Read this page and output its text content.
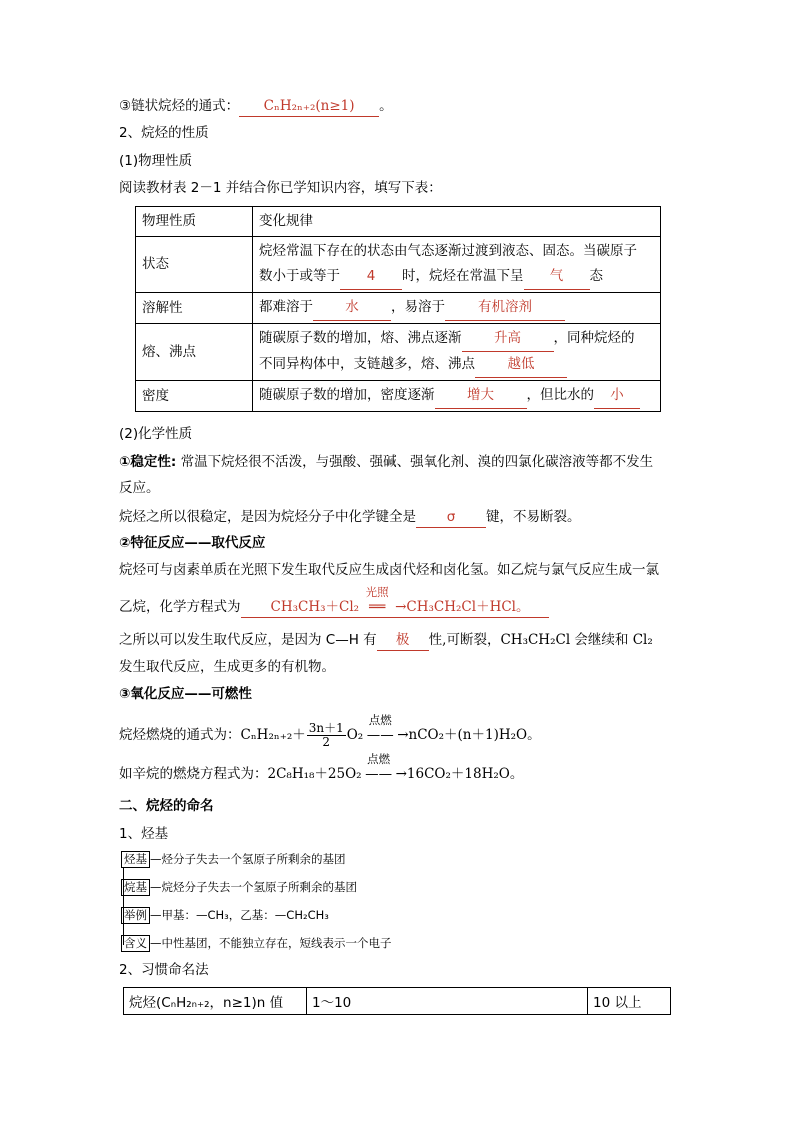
③链状烷烃的通式： CₙH₂ₙ₊₂(n≥1) 。
2、烷烃的性质
(1)物理性质
阅读教材表 2－1 并结合你已学知识内容，填写下表：
物理性质	变化规律
状态	烷烃常温下存在的状态由气态逐渐过渡到液态、固态。当碳原子
数小于或等于 4 时，烷烃在常温下呈 气 态

溶解性	都难溶于 水 ，易溶于 有机溶剂
熔、沸点	随碳原子数的增加，熔、沸点逐渐 升高 ，同种烷烃的
不同异构体中，支链越多，熔、沸点 越低

密度	随碳原子数的增加，密度逐渐 增大 ，但比水的 小
(2)化学性质
①稳定性: 常温下烷烃很不活泼，与强酸、强碱、强氧化剂、溴的四氯化碳溶液等都不发生
反应。
烷烃之所以很稳定，是因为烷烃分子中化学键全是 σ 键，不易断裂。
②特征反应——取代反应
烷烃可与卤素单质在光照下发生取代反应生成卤代烃和卤化氢。如乙烷与氯气反应生成一氯
乙烷，化学方程式为 CH₃CH₃＋Cl₂
光照
══ →CH₃CH₂Cl＋HCl。
之所以可以发生取代反应，是因为 C—H 有 极 性,可断裂，CH₃CH₂Cl 会继续和 Cl₂
发生取代反应，生成更多的有机物。
③氧化反应——可燃性
烷烃燃烧的通式为：$C_nH_{2n+2}+ \frac{3n+1}{2} O_2$
点燃
—— →nCO₂＋(n＋1)H₂O。
如辛烷的燃烧方程式为：2C₈H₁₈＋25O₂
点燃
—— →16CO₂＋18H₂O。
二、烷烃的命名
1、烃基
烃基 —烃分子失去一个氢原子所剩余的基团
烷基 —烷烃分子失去一个氢原子所剩余的基团
举例 —甲基：—CH₃，乙基：—CH₂CH₃
含义 —中性基团，不能独立存在，短线表示一个电子
2、习惯命名法
烷烃(CₙH₂ₙ₊₂，n≥1)n 值	1～10	10 以上
